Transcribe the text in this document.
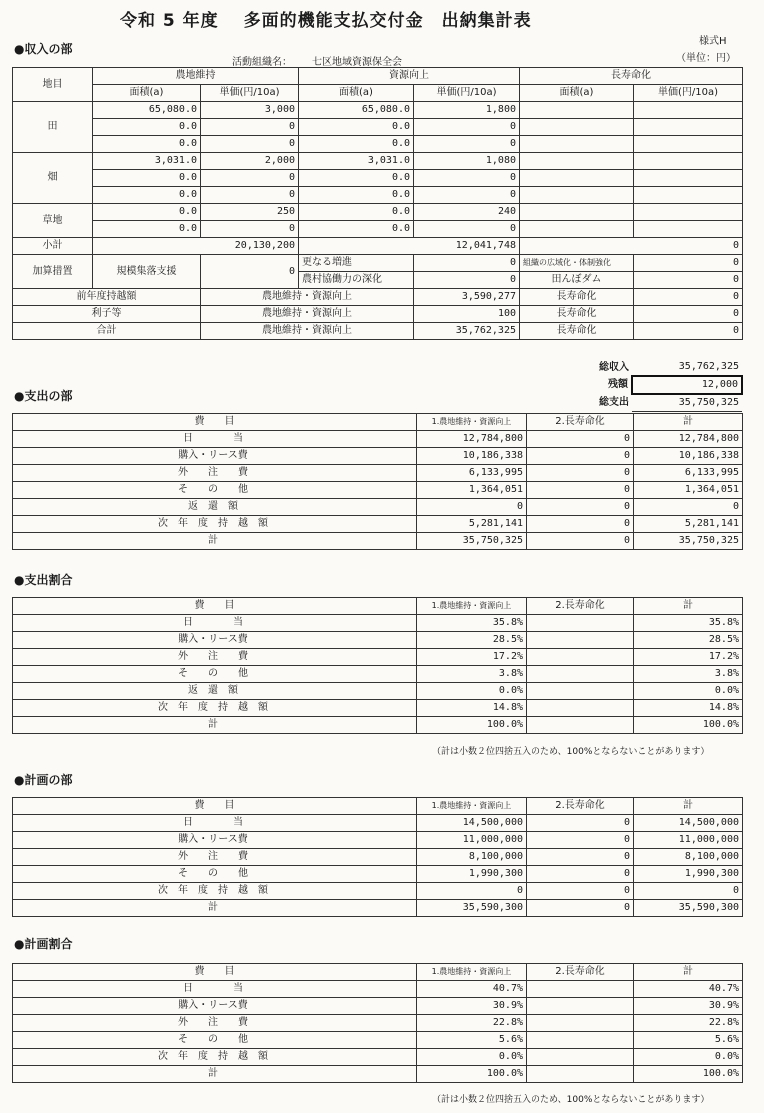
令和 5 年度　 多面的機能支払交付金　出納集計表
様式H
（単位：円）
●収入の部
活動組織名： 七区地域資源保全会
地目	農地維持		資源向上		長寿命化	
	面積(a)	単価(円/10a)	面積(a)	単価(円/10a)	面積(a)	単価(円/10a)
田	65,080.0	3,000	65,080.0	1,800		
	0.0	0	0.0	0		
	0.0	0	0.0	0		
畑	3,031.0	2,000	3,031.0	1,080		
	0.0	0	0.0	0		
	0.0	0	0.0	0		
草地	0.0	250	0.0	240		
	0.0	0	0.0	0		
小計	20,130,200		12,041,748		0	
加算措置	規模集落支援	0	更なる増進	0	組織の広域化・体制強化	0
			農村協働力の深化	0	田んぼダム	0
前年度持越額		農地維持・資源向上		3,590,277	長寿命化	0
利子等		農地維持・資源向上		100	長寿命化	0
合計		農地維持・資源向上		35,762,325	長寿命化	0
総収入	35,762,325
残額	12,000
総支出	35,750,325
●支出の部
費　　目	1.農地維持・資源向上	2.長寿命化	計
日　　　　当	12,784,800	0	12,784,800
購入・リース費	10,186,338	0	10,186,338
外　　注　　費	6,133,995	0	6,133,995
そ　　の　　他	1,364,051	0	1,364,051
返　還　額	0	0	0
次　年　度　持　越　額	5,281,141	0	5,281,141
計	35,750,325	0	35,750,325
●支出割合
費　　目	1.農地維持・資源向上	2.長寿命化	計
日　　　　当	35.8%		35.8%
購入・リース費	28.5%		28.5%
外　　注　　費	17.2%		17.2%
そ　　の　　他	3.8%		3.8%
返　還　額	0.0%		0.0%
次　年　度　持　越　額	14.8%		14.8%
計	100.0%		100.0%
（計は小数２位四捨五入のため、100%とならないことがあります）
●計画の部
費　　目	1.農地維持・資源向上	2.長寿命化	計
日　　　　当	14,500,000	0	14,500,000
購入・リース費	11,000,000	0	11,000,000
外　　注　　費	8,100,000	0	8,100,000
そ　　の　　他	1,990,300	0	1,990,300
次　年　度　持　越　額	0	0	0
計	35,590,300	0	35,590,300
●計画割合
費　　目	1.農地維持・資源向上	2.長寿命化	計
日　　　　当	40.7%		40.7%
購入・リース費	30.9%		30.9%
外　　注　　費	22.8%		22.8%
そ　　の　　他	5.6%		5.6%
次　年　度　持　越　額	0.0%		0.0%
計	100.0%		100.0%
（計は小数２位四捨五入のため、100%とならないことがあります）
